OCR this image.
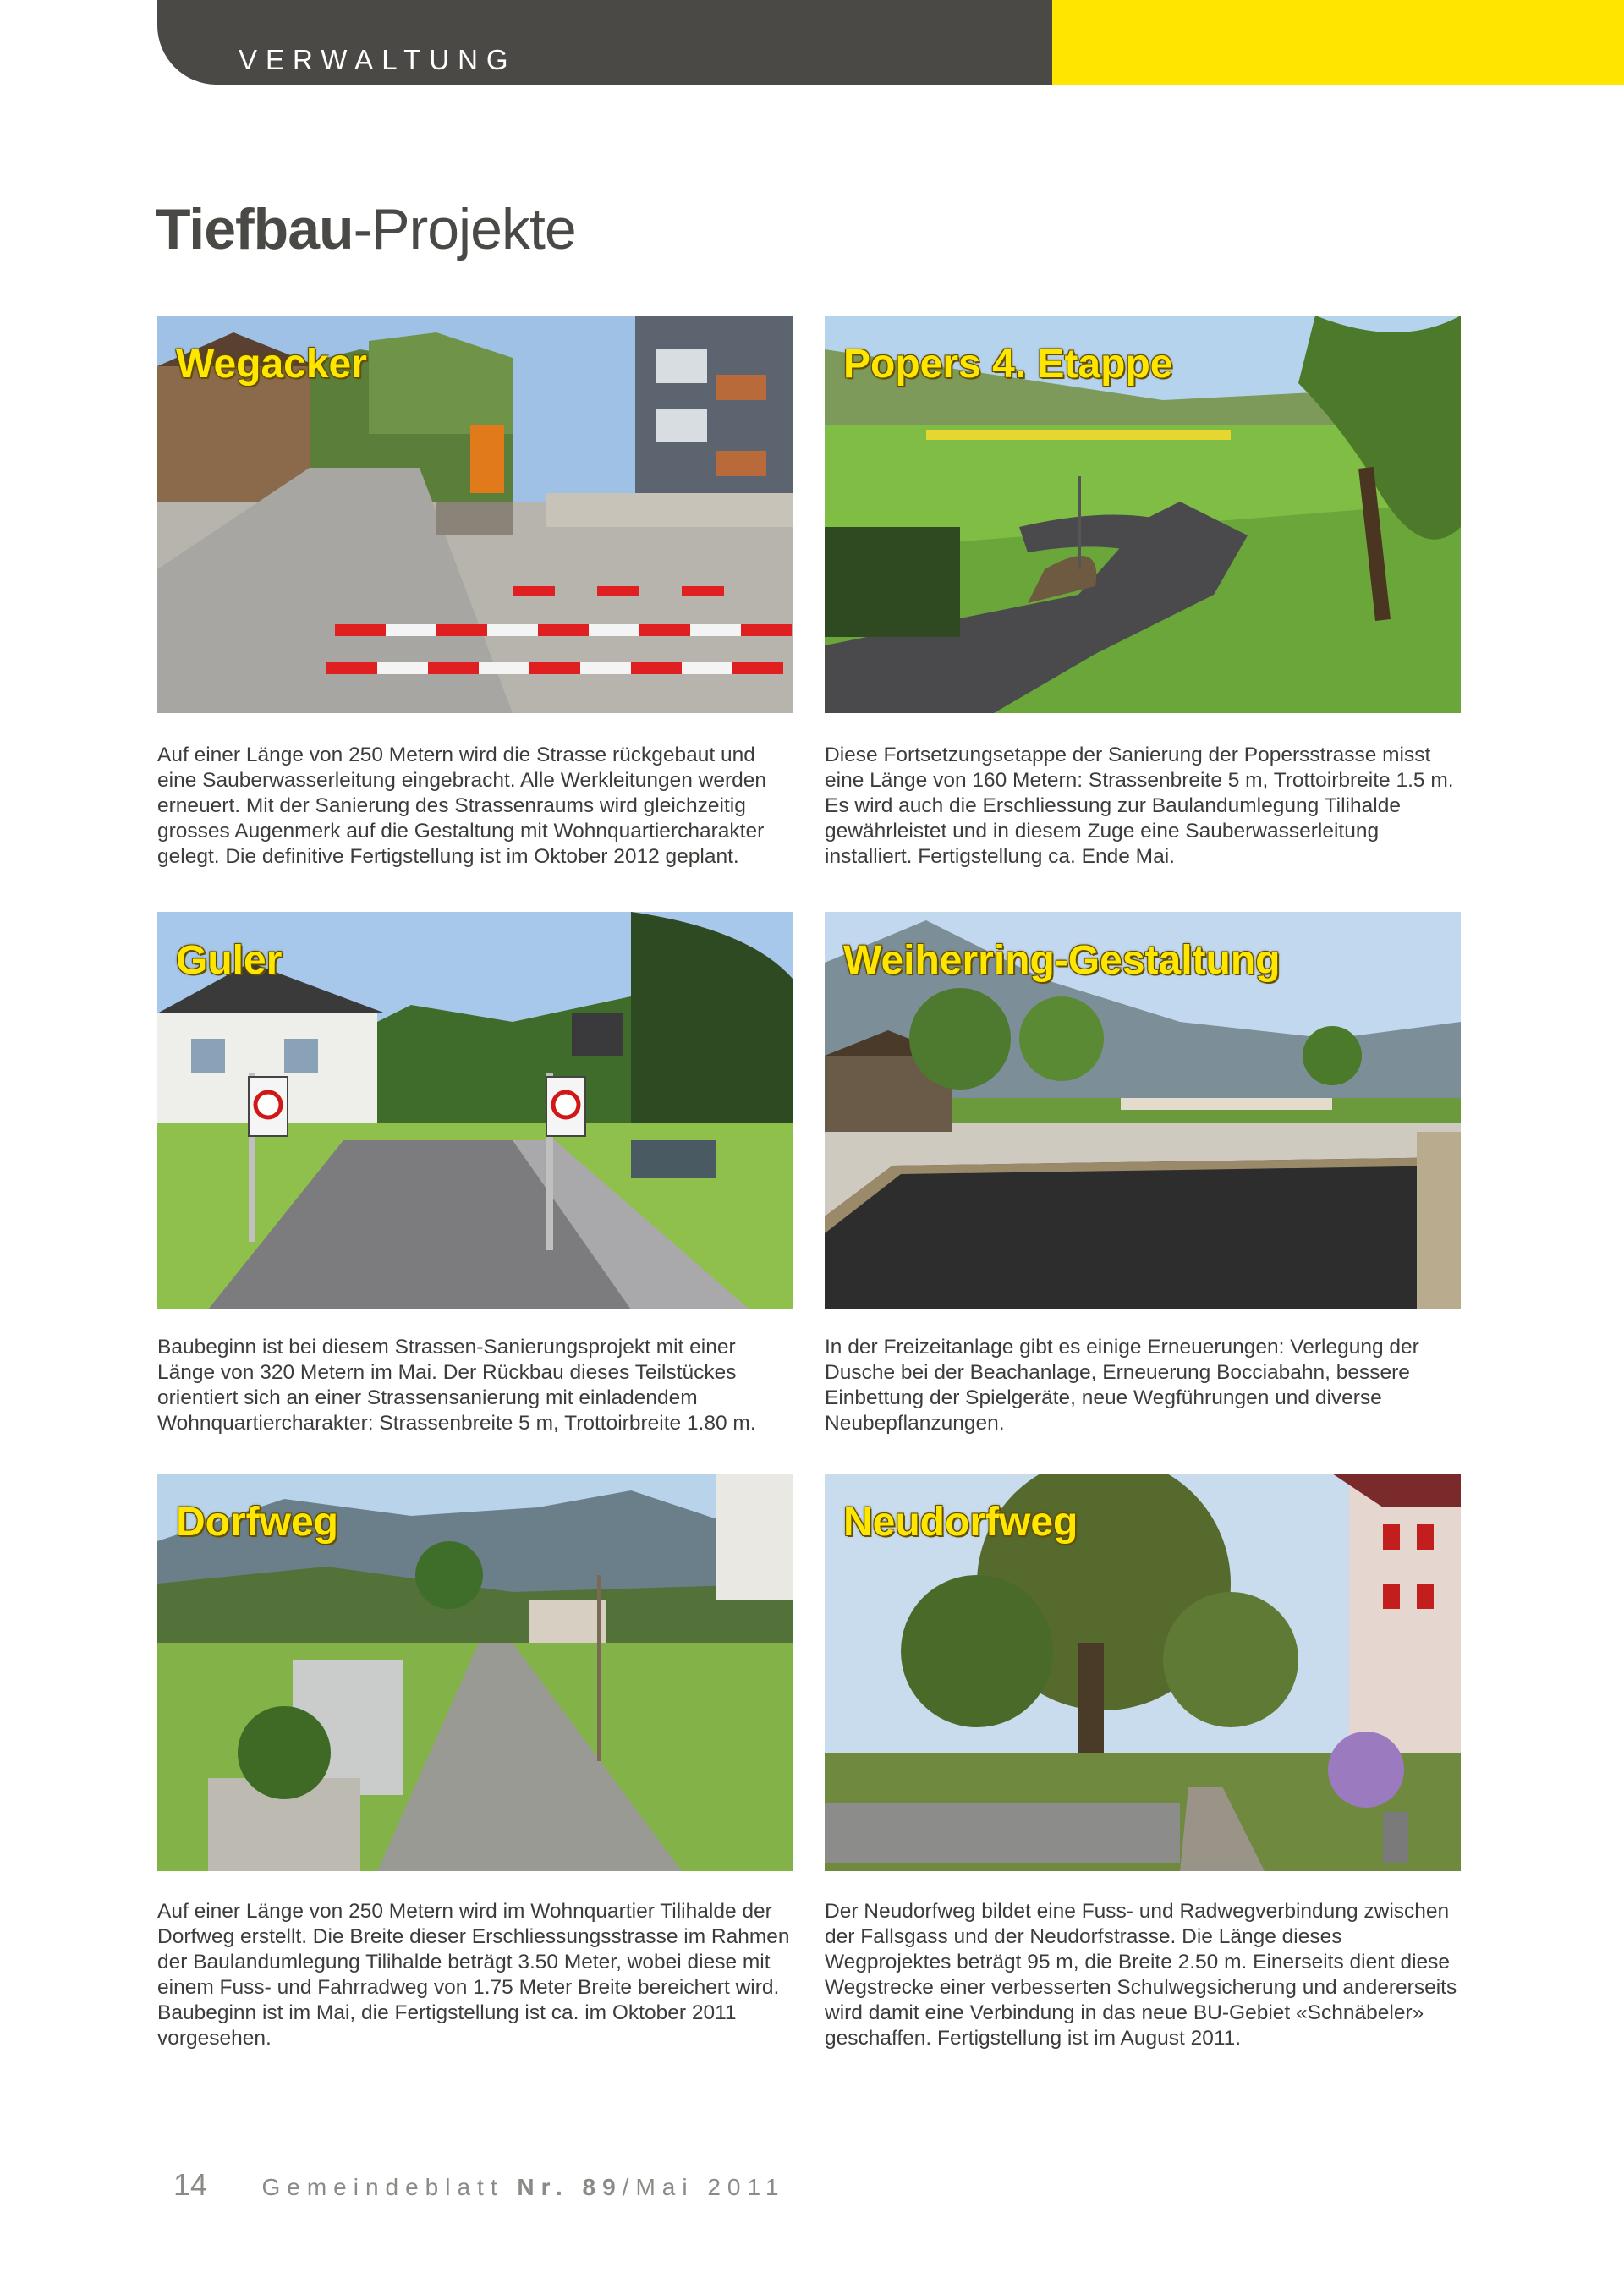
VERWALTUNG
Tiefbau-Projekte
Wegacker
Auf einer Länge von 250 Metern wird die Strasse rückgebaut und eine Sauberwasserleitung eingebracht. Alle Werkleitungen werden erneuert. Mit der Sanierung des Strassenraums wird gleichzeitig grosses Augenmerk auf die Gestaltung mit Wohnquartiercharakter gelegt. Die definitive Fertigstellung ist im Oktober 2012 geplant.
Popers 4. Etappe
Diese Fortsetzungsetappe der Sanierung der Popersstrasse misst eine Länge von 160 Metern: Strassenbreite 5 m, Trottoirbreite 1.5 m. Es wird auch die Erschliessung zur Baulandumlegung Tilihalde gewährleistet und in diesem Zuge eine Sauberwasserleitung installiert. Fertigstellung ca. Ende Mai.
Guler
Baubeginn ist bei diesem Strassen-Sanierungsprojekt mit einer Länge von 320 Metern im Mai. Der Rückbau dieses Teilstückes orientiert sich an einer Strassensanierung mit einladendem Wohnquartiercharakter: Strassenbreite 5 m, Trottoirbreite 1.80 m.
Weiherring-Gestaltung
In der Freizeitanlage gibt es einige Erneuerungen: Verlegung der Dusche bei der Beachanlage, Erneuerung Bocciabahn, bessere Einbettung der Spielgeräte, neue Wegführungen und diverse Neubepflanzungen.
Dorfweg
Auf einer Länge von 250 Metern wird im Wohnquartier Tilihalde der Dorfweg erstellt. Die Breite dieser Erschliessungsstrasse im Rahmen der Baulandumlegung Tilihalde beträgt 3.50 Meter, wobei diese mit einem Fuss- und Fahrradweg von 1.75 Meter Breite bereichert wird. Baubeginn ist im Mai, die Fertigstellung ist ca. im Oktober 2011 vorgesehen.
Neudorfweg
Der Neudorfweg bildet eine Fuss- und Radwegverbindung zwischen der Fallsgass und der Neudorfstrasse. Die Länge dieses Wegprojektes beträgt 95 m, die Breite 2.50 m. Einerseits dient diese Wegstrecke einer verbesserten Schulwegsicherung und andererseits wird damit eine Verbindung in das neue BU-Gebiet «Schnäbeler» geschaffen. Fertigstellung ist im August 2011.
14 Gemeindeblatt Nr. 89/Mai 2011
